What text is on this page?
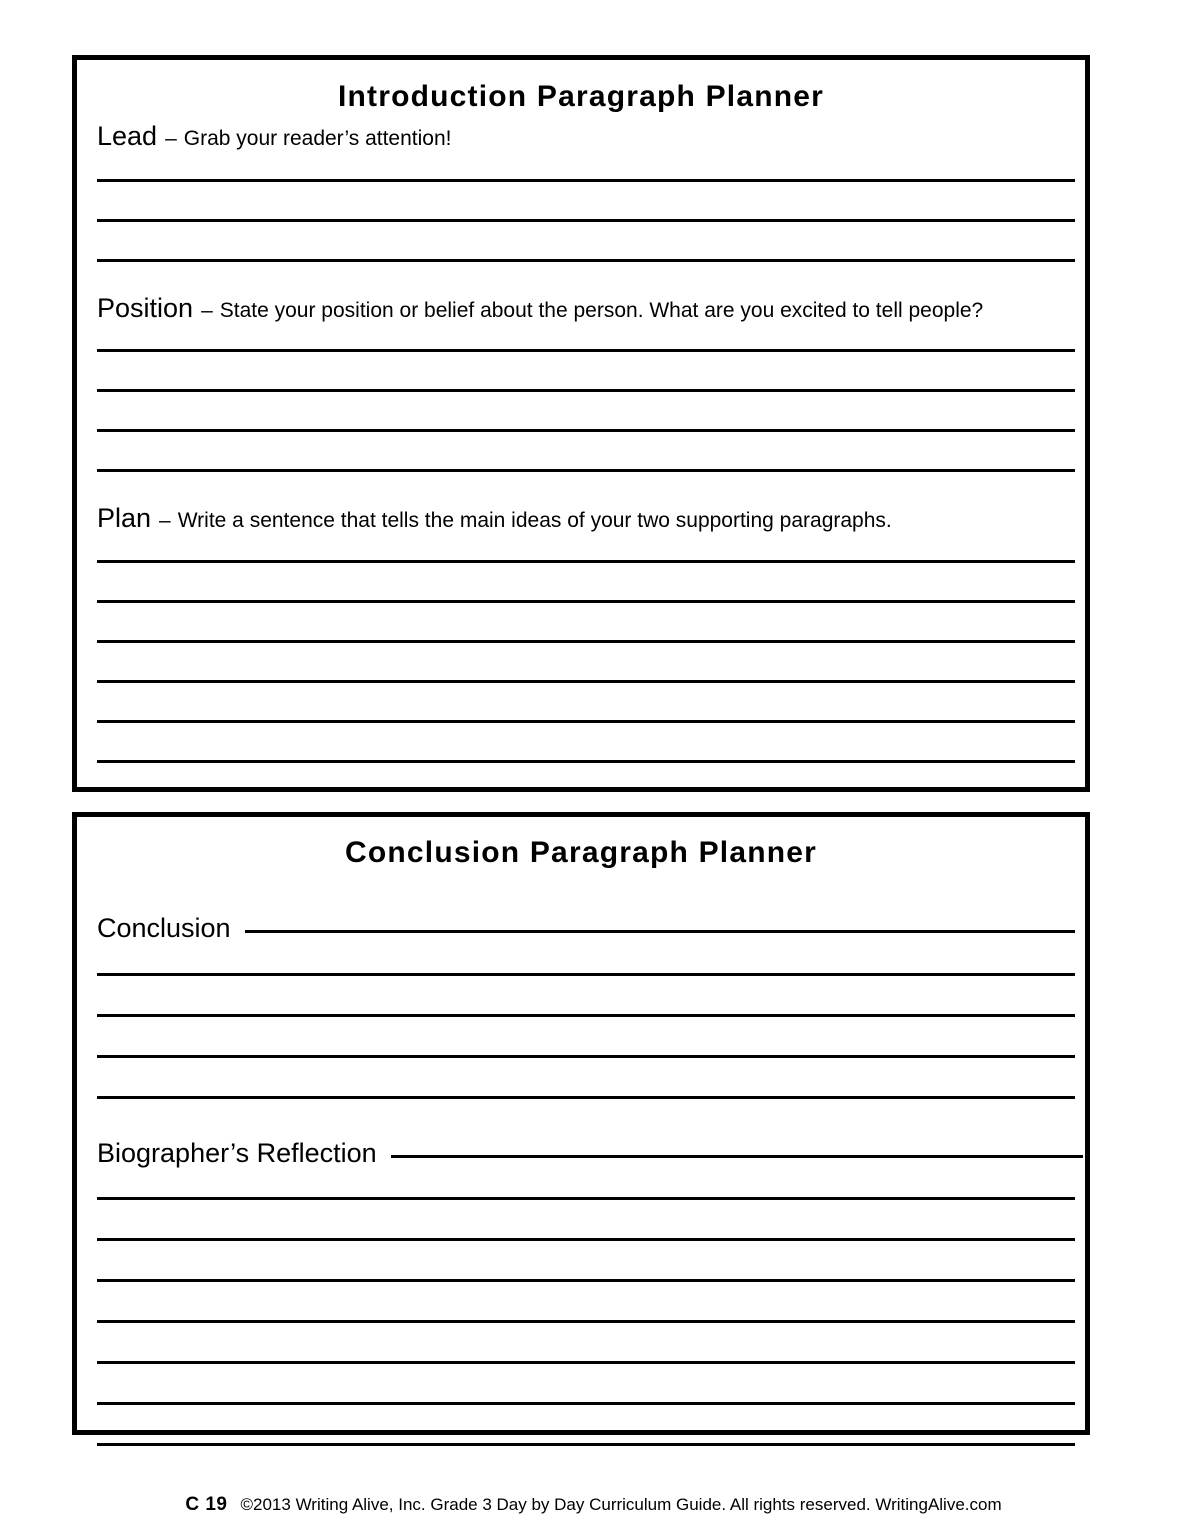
Introduction Paragraph Planner
Lead – Grab your reader’s attention!
Position – State your position or belief about the person. What are you excited to tell people?
Plan – Write a sentence that tells the main ideas of your two supporting paragraphs.
Conclusion Paragraph Planner
Conclusion
Biographer’s Reflection
C 19 ©2013 Writing Alive, Inc. Grade 3 Day by Day Curriculum Guide. All rights reserved. WritingAlive.com
